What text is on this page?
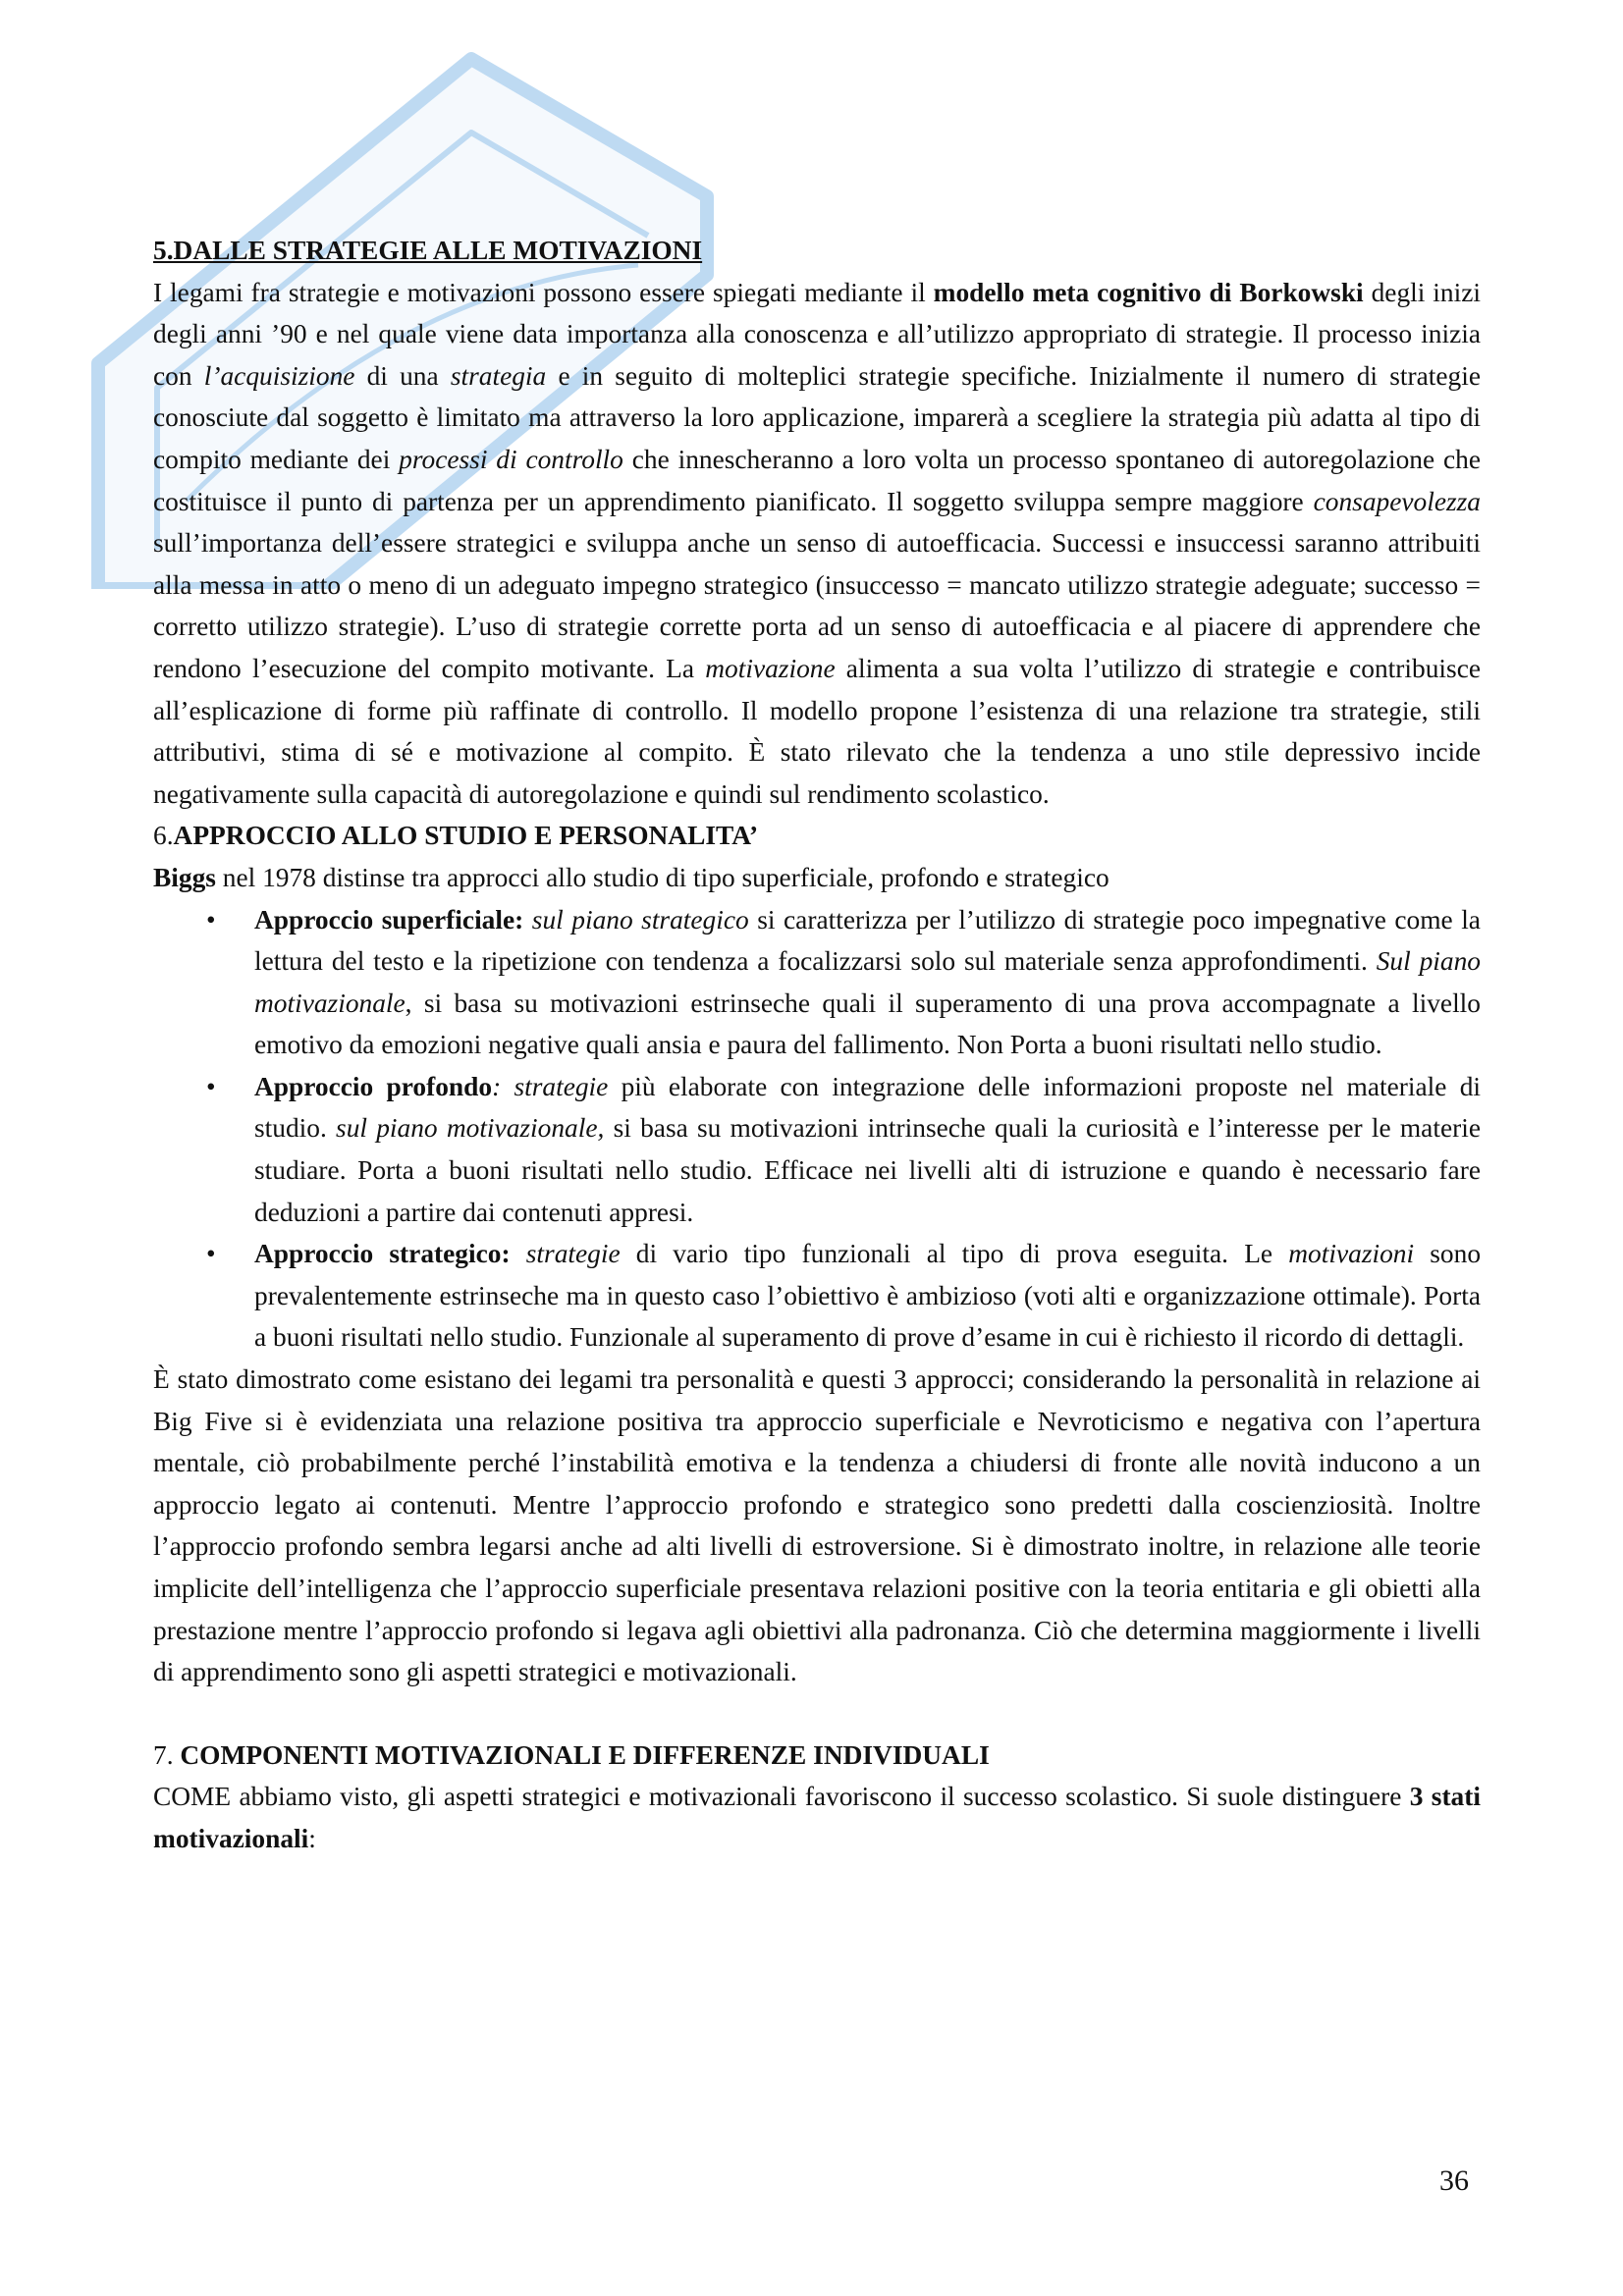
5.DALLE STRATEGIE ALLE MOTIVAZIONI

I legami fra strategie e motivazioni possono essere spiegati mediante il modello meta cognitivo di Borkowski degli inizi degli anni ’90 e nel quale viene data importanza alla conoscenza e all’utilizzo appropriato di strategie. Il processo inizia con l’acquisizione di una strategia e in seguito di molteplici strategie specifiche. Inizialmente il numero di strategie conosciute dal soggetto è limitato ma attraverso la loro applicazione, imparerà a scegliere la strategia più adatta al tipo di compito mediante dei processi di controllo che innescheranno a loro volta un processo spontaneo di autoregolazione che costituisce il punto di partenza per un apprendimento pianificato. Il soggetto sviluppa sempre maggiore consapevolezza sull’importanza dell’essere strategici e sviluppa anche un senso di autoefficacia. Successi e insuccessi saranno attribuiti alla messa in atto o meno di un adeguato impegno strategico (insuccesso = mancato utilizzo strategie adeguate; successo = corretto utilizzo strategie). L’uso di strategie corrette porta ad un senso di autoefficacia e al piacere di apprendere che rendono l’esecuzione del compito motivante. La motivazione alimenta a sua volta l’utilizzo di strategie e contribuisce all’esplicazione di forme più raffinate di controllo. Il modello propone l’esistenza di una relazione tra strategie, stili attributivi, stima di sé e motivazione al compito. È stato rilevato che la tendenza a uno stile depressivo incide negativamente sulla capacità di autoregolazione e quindi sul rendimento scolastico.

6.APPROCCIO ALLO STUDIO E PERSONALITA’

Biggs nel 1978 distinse tra approcci allo studio di tipo superficiale, profondo e strategico

• Approccio superficiale: sul piano strategico si caratterizza per l’utilizzo di strategie poco impegnative come la lettura del testo e la ripetizione con tendenza a focalizzarsi solo sul materiale senza approfondimenti. Sul piano motivazionale, si basa su motivazioni estrinseche quali il superamento di una prova accompagnate a livello emotivo da emozioni negative quali ansia e paura del fallimento. Non Porta a buoni risultati nello studio.
• Approccio profondo: strategie più elaborate con integrazione delle informazioni proposte nel materiale di studio. sul piano motivazionale, si basa su motivazioni intrinseche quali la curiosità e l’interesse per le materie studiare. Porta a buoni risultati nello studio. Efficace nei livelli alti di istruzione e quando è necessario fare deduzioni a partire dai contenuti appresi.
• Approccio strategico: strategie di vario tipo funzionali al tipo di prova eseguita. Le motivazioni sono prevalentemente estrinseche ma in questo caso l’obiettivo è ambizioso (voti alti e organizzazione ottimale). Porta a buoni risultati nello studio. Funzionale al superamento di prove d’esame in cui è richiesto il ricordo di dettagli.

È stato dimostrato come esistano dei legami tra personalità e questi 3 approcci; considerando la personalità in relazione ai Big Five si è evidenziata una relazione positiva tra approccio superficiale e Nevroticismo e negativa con l’apertura mentale, ciò probabilmente perché l’instabilità emotiva e la tendenza a chiudersi di fronte alle novità inducono a un approccio legato ai contenuti. Mentre l’approccio profondo e strategico sono predetti dalla coscienziosità. Inoltre l’approccio profondo sembra legarsi anche ad alti livelli di estroversione. Si è dimostrato inoltre, in relazione alle teorie implicite dell’intelligenza che l’approccio superficiale presentava relazioni positive con la teoria entitaria e gli obietti alla prestazione mentre l’approccio profondo si legava agli obiettivi alla padronanza. Ciò che determina maggiormente i livelli di apprendimento sono gli aspetti strategici e motivazionali.

7. COMPONENTI MOTIVAZIONALI E DIFFERENZE INDIVIDUALI

COME abbiamo visto, gli aspetti strategici e motivazionali favoriscono il successo scolastico. Si suole distinguere 3 stati motivazionali:

36
